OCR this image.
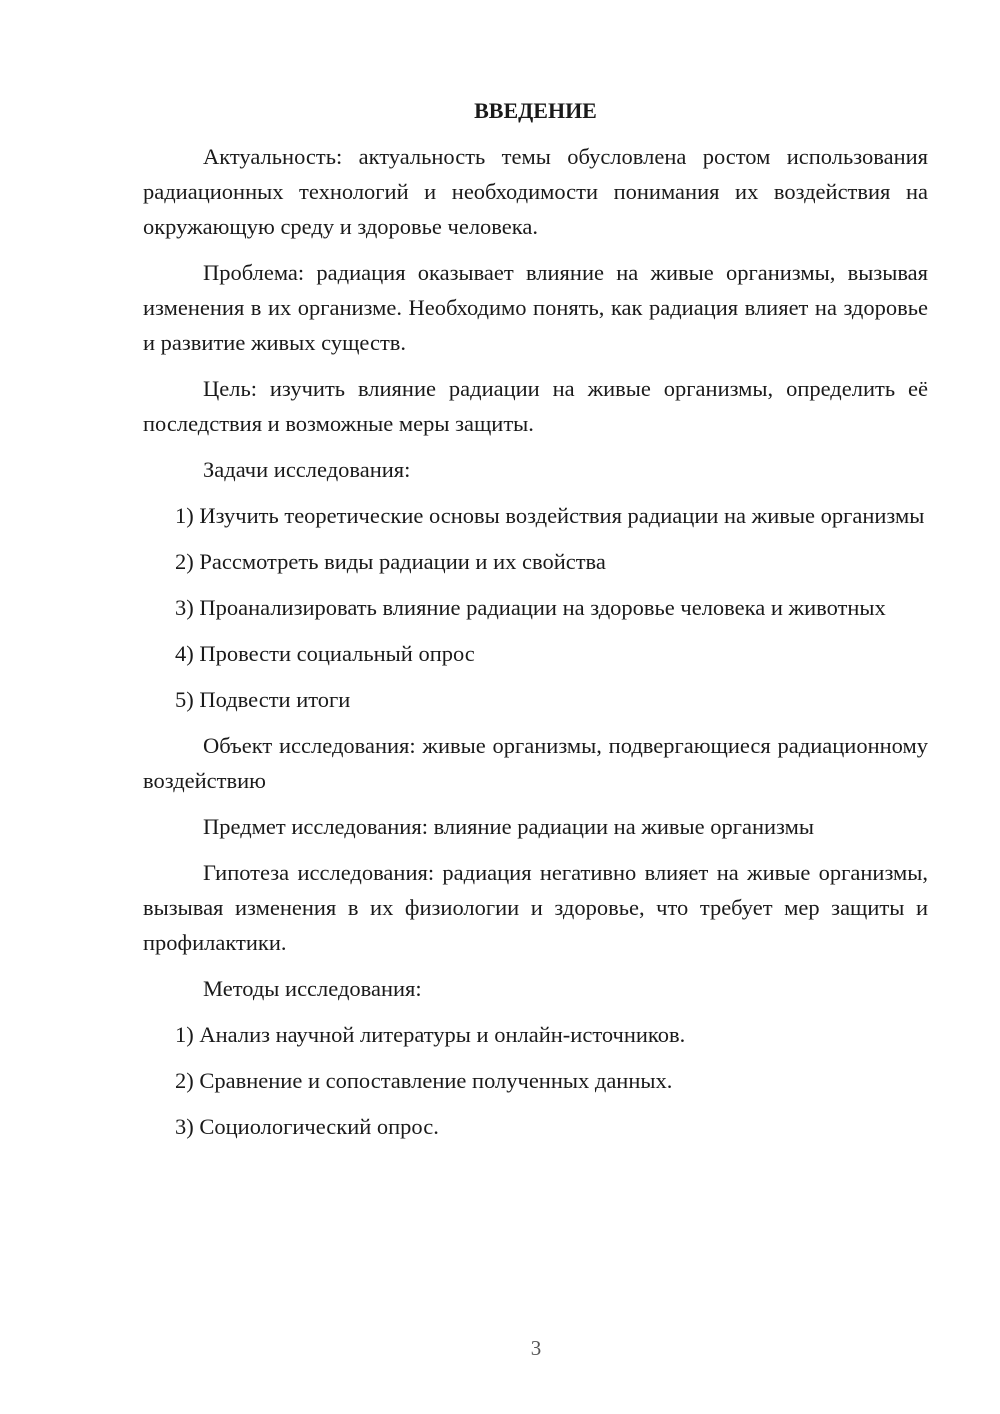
ВВЕДЕНИЕ

Актуальность: актуальность темы обусловлена ростом использования радиационных технологий и необходимости понимания их воздействия на окружающую среду и здоровье человека.

Проблема: радиация оказывает влияние на живые организмы, вызывая изменения в их организме. Необходимо понять, как радиация влияет на здоровье и развитие живых существ.

Цель: изучить влияние радиации на живые организмы, определить её последствия и возможные меры защиты.

Задачи исследования:

1) Изучить теоретические основы воздействия радиации на живые организмы

2) Рассмотреть виды радиации и их свойства

3) Проанализировать влияние радиации на здоровье человека и животных

4) Провести социальный опрос

5) Подвести итоги

Объект исследования: живые организмы, подвергающиеся радиационному воздействию

Предмет исследования: влияние радиации на живые организмы

Гипотеза исследования: радиация негативно влияет на живые организмы, вызывая изменения в их физиологии и здоровье, что требует мер защиты и профилактики.

Методы исследования:

1) Анализ научной литературы и онлайн-источников.

2) Сравнение и сопоставление полученных данных.

3) Социологический опрос.

3
